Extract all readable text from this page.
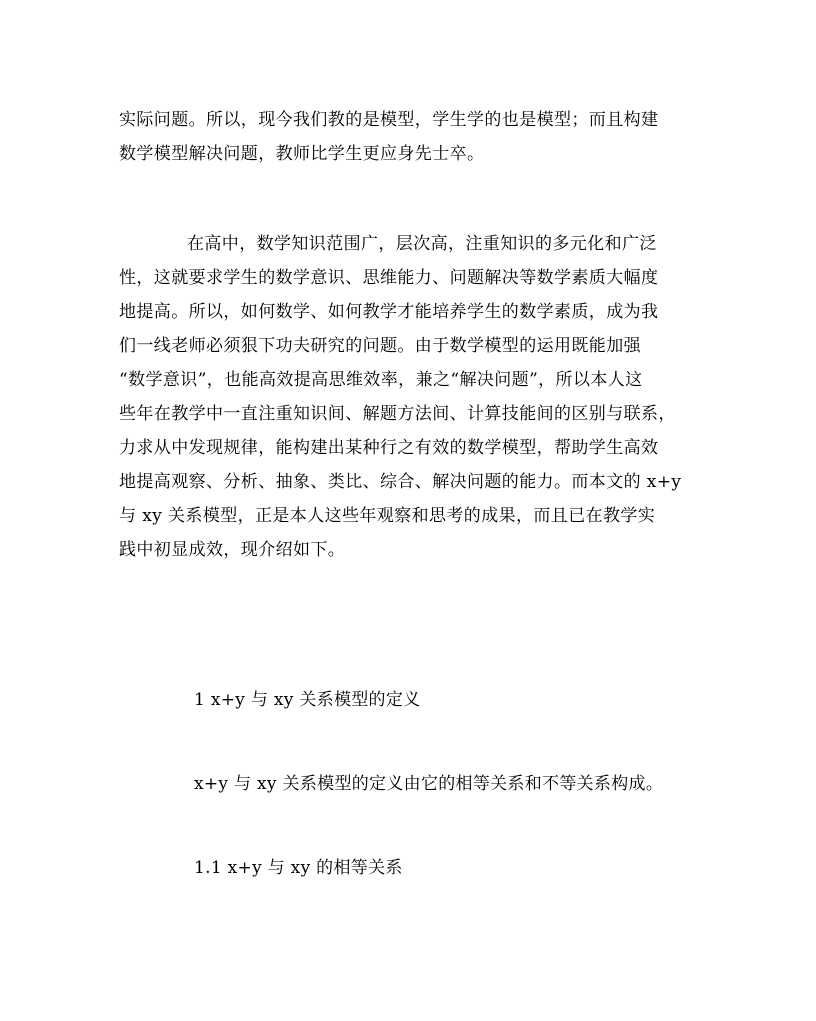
实际问题。所以，现今我们教的是模型，学生学的也是模型；而且构建
数学模型解决问题，教师比学生更应身先士卒。
在高中，数学知识范围广，层次高，注重知识的多元化和广泛
性，这就要求学生的数学意识、思维能力、问题解决等数学素质大幅度
地提高。所以，如何数学、如何教学才能培养学生的数学素质，成为我
们一线老师必须狠下功夫研究的问题。由于数学模型的运用既能加强
“数学意识”，也能高效提高思维效率，兼之“解决问题”，所以本人这
些年在教学中一直注重知识间、解题方法间、计算技能间的区别与联系，
力求从中发现规律，能构建出某种行之有效的数学模型，帮助学生高效
地提高观察、分析、抽象、类比、综合、解决问题的能力。而本文的 x+y
与 xy 关系模型，正是本人这些年观察和思考的成果，而且已在教学实
践中初显成效，现介绍如下。
1 x+y 与 xy 关系模型的定义
x+y 与 xy 关系模型的定义由它的相等关系和不等关系构成。
1.1 x+y 与 xy 的相等关系
